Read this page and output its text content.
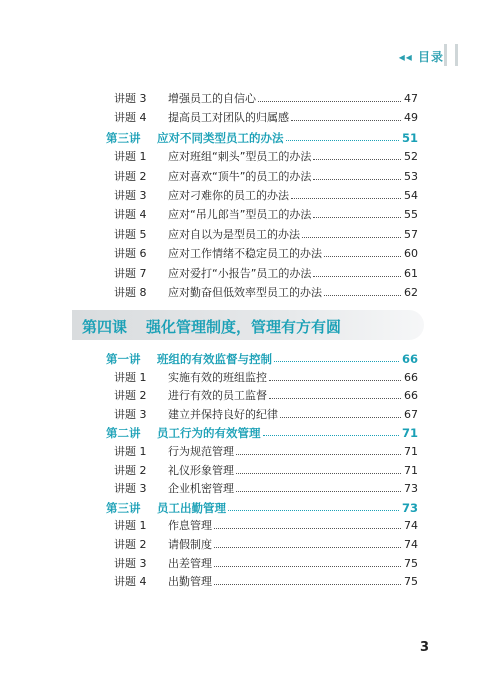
◂◂ 目录
讲题 3 增强员工的自信心	47
讲题 4 提高员工对团队的归属感	49
第三讲 应对不同类型员工的办法	51
讲题 1 应对班组“刺头”型员工的办法	52
讲题 2 应对喜欢“顶牛”的员工的办法	53
讲题 3 应对刁难你的员工的办法	54
讲题 4 应对“吊儿郎当”型员工的办法	55
讲题 5 应对自以为是型员工的办法	57
讲题 6 应对工作情绪不稳定员工的办法	60
讲题 7 应对爱打“小报告”员工的办法	61
讲题 8 应对勤奋但低效率型员工的办法	62
第四课 强化管理制度，管理有方有圆
第一讲 班组的有效监督与控制	66
讲题 1 实施有效的班组监控	66
讲题 2 进行有效的员工监督	66
讲题 3 建立并保持良好的纪律	67
第二讲 员工行为的有效管理	71
讲题 1 行为规范管理	71
讲题 2 礼仪形象管理	71
讲题 3 企业机密管理	73
第三讲 员工出勤管理	73
讲题 1 作息管理	74
讲题 2 请假制度	74
讲题 3 出差管理	75
讲题 4 出勤管理	75
3
